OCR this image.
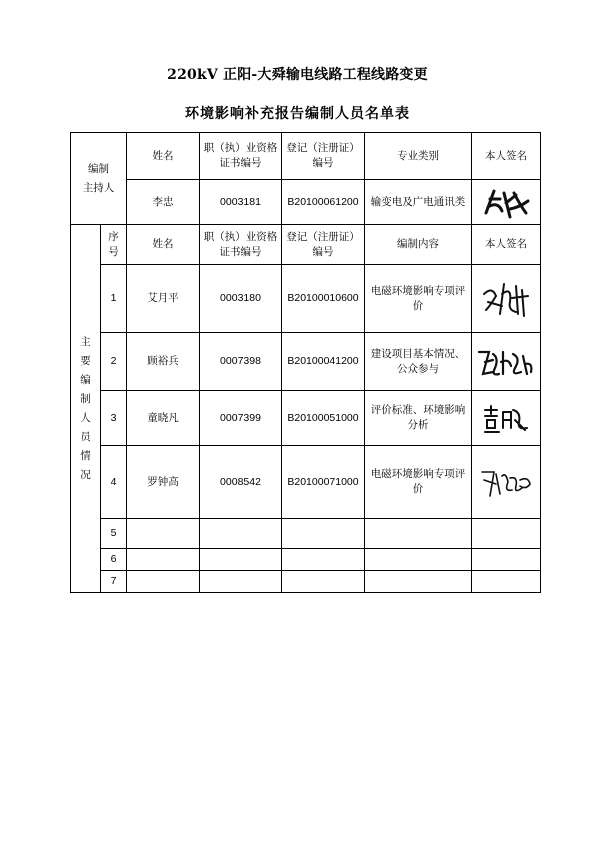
220kV 正阳-大舜输电线路工程线路变更
环境影响补充报告编制人员名单表
编制
主持人		姓名	职（执）业资格证书编号	登记（注册证）编号	专业类别	本人签名
		李忠	0003181	B20100061200	输变电及广电通讯类	

主要编制人员情况	序号	姓名	职（执）业资格证书编号	登记（注册证）编号	编制内容	本人签名
	1	艾月平	0003180	B20100010600	电磁环境影响专项评价	

	2	顾裕兵	0007398	B20100041200	建设项目基本情况、公众参与	

	3	童晓凡	0007399	B20100051000	评价标准、环境影响分析	

	4	罗钟高	0008542	B20100071000	电磁环境影响专项评价	

	5					
	6					
	7					
